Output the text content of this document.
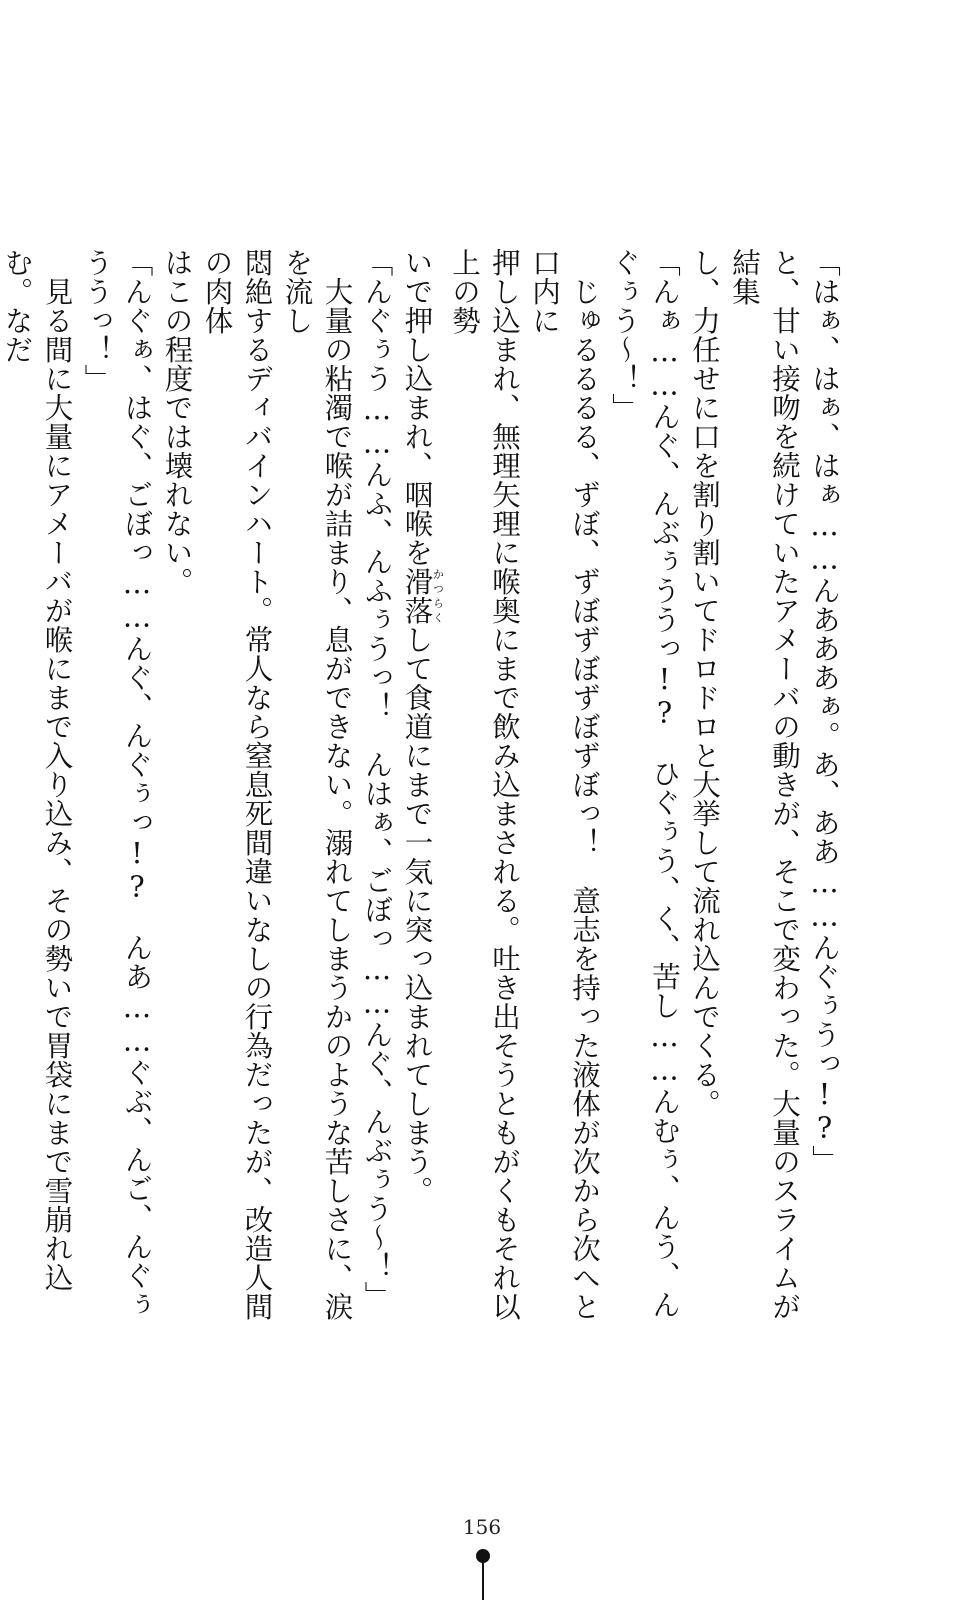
「はぁ、はぁ、はぁ……んあああぁ。あ、ああ……んぐぅうっ!?」
と、甘い接吻を続けていたアメーバの動きが、そこで変わった。大量のスライムが結集
し、力任せに口を割り割いてドロドロと大挙して流れ込んでくる。
「んぁ……んぐ、んぶぅううっ!?　ひぐぅう、く、苦し……んむぅ、んう、んぐぅう〜！」
　じゅるるるる、ずぼ、ずぼずぼずぼずぼっ！　意志を持った液体が次から次へと口内に
押し込まれ、無理矢理に喉奥にまで飲み込まされる。吐き出そうともがくもそれ以上の勢
いで押し込まれ、咽喉を滑落かつらくして食道にまで一気に突っ込まれてしまう。
「んぐぅう……んふ、んふぅうっ！　んはぁ、ごぼっ……んぐ、んぶぅう〜！」
　大量の粘濁で喉が詰まり、息ができない。溺れてしまうかのような苦しさに、涙を流し
悶絶するディバインハート。常人なら窒息死間違いなしの行為だったが、改造人間の肉体
はこの程度では壊れない。
「んぐぁ、はぐ、ごぼっ……んぐ、んぐぅっ!?　んあ……ぐぶ、んご、んぐぅううっ！」
　見る間に大量にアメーバが喉にまで入り込み、その勢いで胃袋にまで雪崩れ込む。なだ
156
